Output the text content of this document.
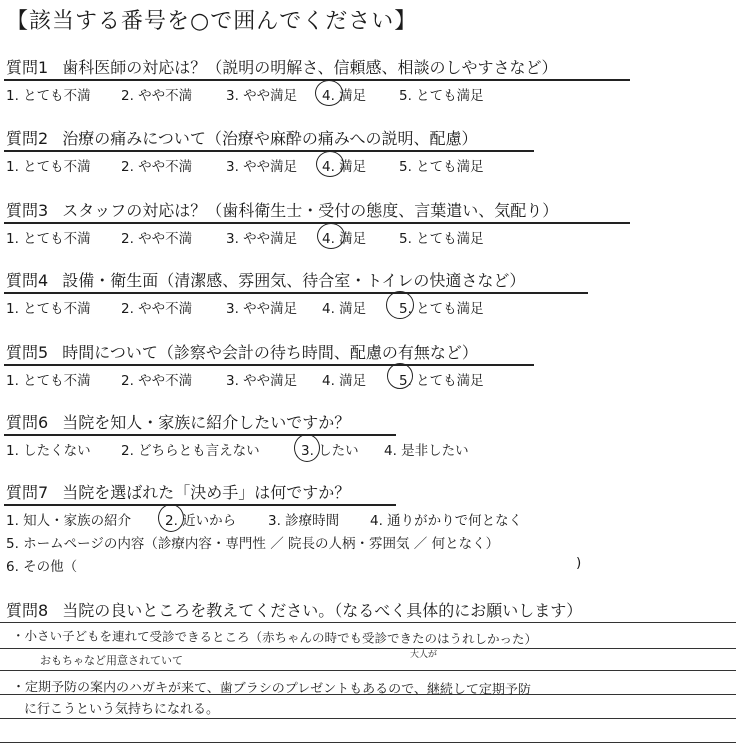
【該当する番号を○で囲んでください】
質問1 歯科医師の対応は？（説明の明解さ、信頼感、相談のしやすさなど）
1. とても不満 2. やや不満	3. やや満足 4. 満足 5. とても満足
質問2 治療の痛みについて（治療や麻酔の痛みへの説明、配慮）
1. とても不満 2. やや不満	3. やや満足 4. 満足 5. とても満足
質問3 スタッフの対応は？（歯科衛生士・受付の態度、言葉遣い、気配り）
1. とても不満 2. やや不満	3. やや満足 4. 満足 5. とても満足
質問4 設備・衛生面（清潔感、雰囲気、待合室・トイレの快適さなど）
1. とても不満 2. やや不満	3. やや満足 4. 満足 5. とても満足
質問5 時間について（診察や会計の待ち時間、配慮の有無など）
1. とても不満 2. やや不満	3. やや満足 4. 満足 5. とても満足
質問6 当院を知人・家族に紹介したいですか？
1. したくない 2. どちらとも言えない	3. したい 4. 是非したい
質問7 当院を選ばれた「決め手」は何ですか？
1. 知人・家族の紹介	2. 近いから 3. 診療時間 4. 通りがかりで何となく
5. ホームページの内容（診療内容・専門性 ／ 院長の人柄・雰囲気 ／ 何となく）
6. その他（	)
質問8 当院の良いところを教えてください。（なるべく具体的にお願いします）
・小さい子どもを連れて受診できるところ（赤ちゃんの時でも受診できたのはうれしかった）
大人が
おもちゃなど用意されていて
・定期予防の案内のハガキが来て、歯ブラシのプレゼントもあるので、継続して定期予防
に行こうという気持ちになれる。
